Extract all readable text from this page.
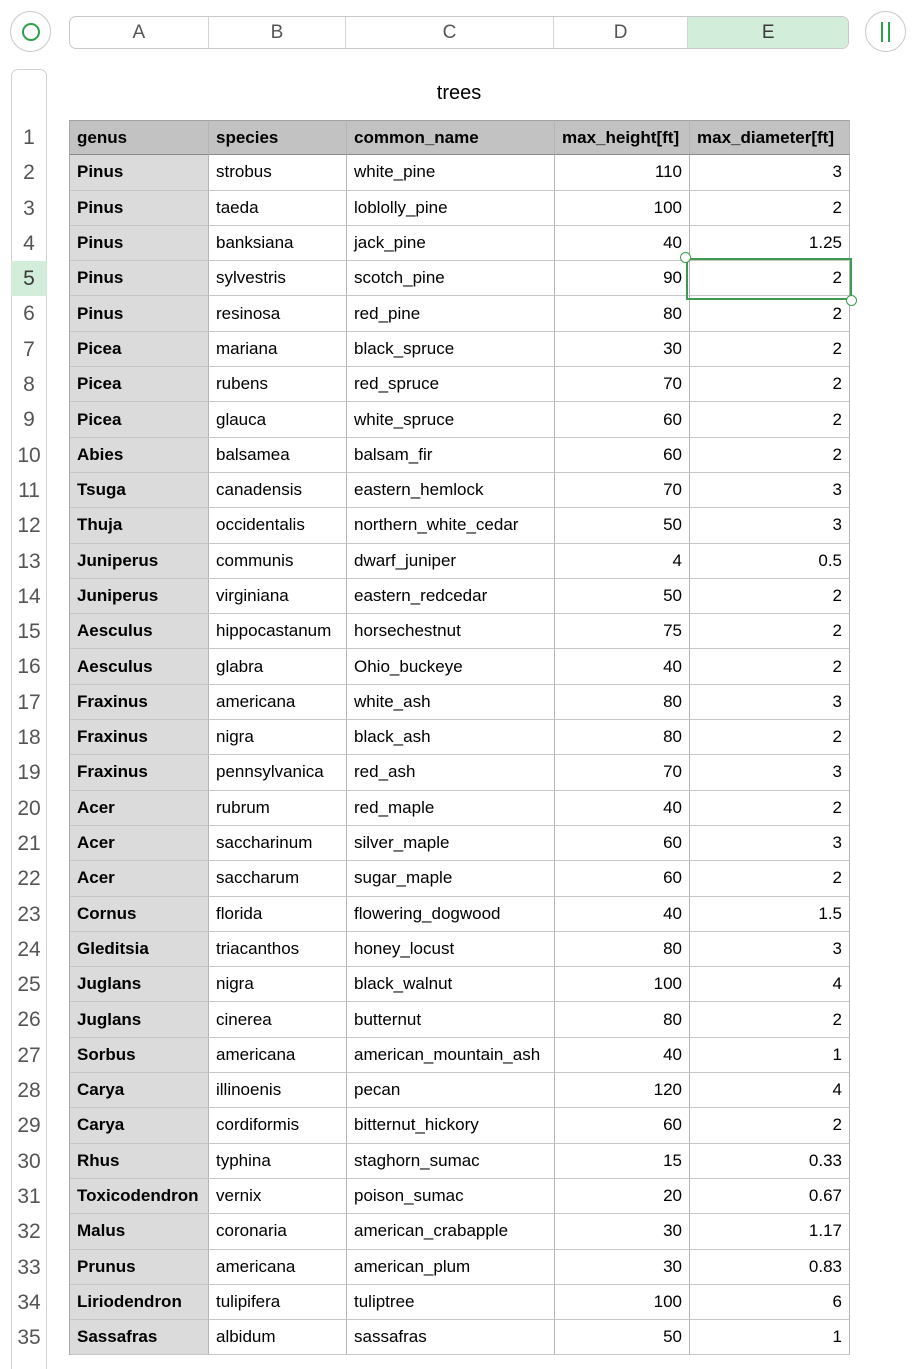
A	B	C	D	E
1
2
3
4
5
6
7
8
9
10
11
12
13
14
15
16
17
18
19
20
21
22
23
24
25
26
27
28
29
30
31
32
33
34
35
trees
genus	species	common_name	max_height[ft]	max_diameter[ft]
Pinus	strobus	white_pine	110	3
Pinus	taeda	loblolly_pine	100	2
Pinus	banksiana	jack_pine	40	1.25
Pinus	sylvestris	scotch_pine	90	2
Pinus	resinosa	red_pine	80	2
Picea	mariana	black_spruce	30	2
Picea	rubens	red_spruce	70	2
Picea	glauca	white_spruce	60	2
Abies	balsamea	balsam_fir	60	2
Tsuga	canadensis	eastern_hemlock	70	3
Thuja	occidentalis	northern_white_cedar	50	3
Juniperus	communis	dwarf_juniper	4	0.5
Juniperus	virginiana	eastern_redcedar	50	2
Aesculus	hippocastanum	horsechestnut	75	2
Aesculus	glabra	Ohio_buckeye	40	2
Fraxinus	americana	white_ash	80	3
Fraxinus	nigra	black_ash	80	2
Fraxinus	pennsylvanica	red_ash	70	3
Acer	rubrum	red_maple	40	2
Acer	saccharinum	silver_maple	60	3
Acer	saccharum	sugar_maple	60	2
Cornus	florida	flowering_dogwood	40	1.5
Gleditsia	triacanthos	honey_locust	80	3
Juglans	nigra	black_walnut	100	4
Juglans	cinerea	butternut	80	2
Sorbus	americana	american_mountain_ash	40	1
Carya	illinoenis	pecan	120	4
Carya	cordiformis	bitternut_hickory	60	2
Rhus	typhina	staghorn_sumac	15	0.33
Toxicodendron	vernix	poison_sumac	20	0.67
Malus	coronaria	american_crabapple	30	1.17
Prunus	americana	american_plum	30	0.83
Liriodendron	tulipifera	tuliptree	100	6
Sassafras	albidum	sassafras	50	1
